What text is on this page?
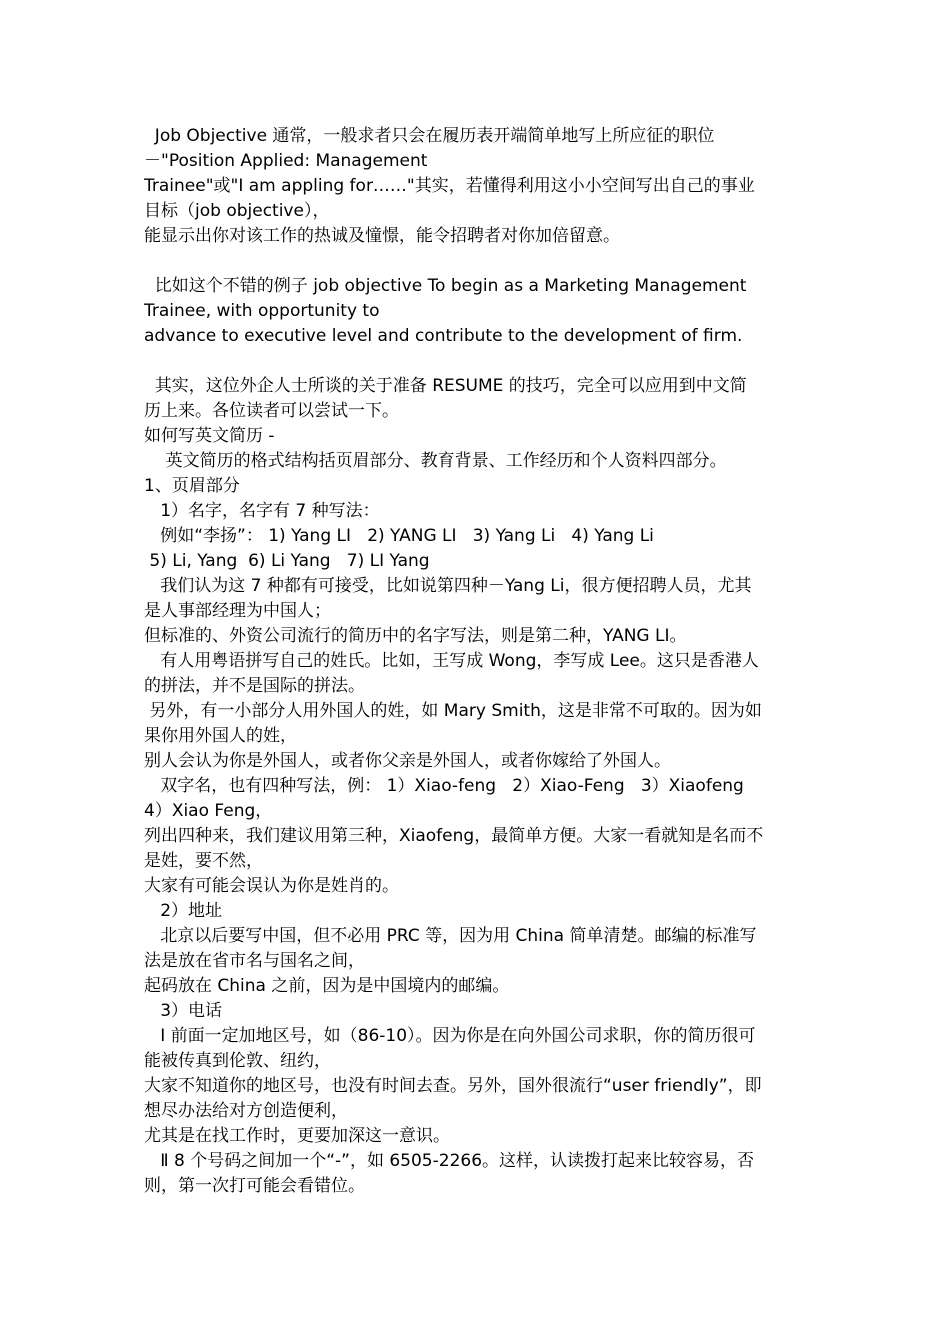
Job Objective 通常，一般求者只会在履历表开端简单地写上所应征的职位
－"Position Applied: Management
Trainee"或"I am appling for……"其实，若懂得利用这小小空间写出自己的事业
目标（job objective），
能显示出你对该工作的热诚及憧憬，能令招聘者对你加倍留意。
比如这个不错的例子 job objective To begin as a Marketing Management
Trainee, with opportunity to
advance to executive level and contribute to the development of firm.
其实，这位外企人士所谈的关于准备 RESUME 的技巧，完全可以应用到中文简
历上来。各位读者可以尝试一下。
如何写英文简历 -
英文简历的格式结构括页眉部分、教育背景、工作经历和个人资料四部分。
1、页眉部分
1）名字，名字有 7 种写法：
例如“李扬”： 1) Yang LI   2) YANG LI   3) Yang Li   4) Yang Li
5) Li, Yang  6) Li Yang   7) LI Yang
我们认为这 7 种都有可接受，比如说第四种－Yang Li，很方便招聘人员，尤其
是人事部经理为中国人；
但标准的、外资公司流行的简历中的名字写法，则是第二种，YANG LI。
有人用粤语拼写自己的姓氏。比如，王写成 Wong，李写成 Lee。这只是香港人
的拼法，并不是国际的拼法。
另外，有一小部分人用外国人的姓，如 Mary Smith，这是非常不可取的。因为如
果你用外国人的姓，
别人会认为你是外国人，或者你父亲是外国人，或者你嫁给了外国人。
双字名，也有四种写法，例： 1）Xiao-feng   2）Xiao-Feng   3）Xiaofeng
4）Xiao Feng，
列出四种来，我们建议用第三种，Xiaofeng，最简单方便。大家一看就知是名而不
是姓，要不然，
大家有可能会误认为你是姓肖的。
2）地址
北京以后要写中国，但不必用 PRC 等，因为用 China 简单清楚。邮编的标准写
法是放在省市名与国名之间，
起码放在 China 之前，因为是中国境内的邮编。
3）电话
Ⅰ 前面一定加地区号，如（86-10）。因为你是在向外国公司求职，你的简历很可
能被传真到伦敦、纽约，
大家不知道你的地区号，也没有时间去查。另外，国外很流行“user friendly”，即
想尽办法给对方创造便利，
尤其是在找工作时，更要加深这一意识。
Ⅱ 8 个号码之间加一个“-”，如 6505-2266。这样，认读拨打起来比较容易，否
则，第一次打可能会看错位。
